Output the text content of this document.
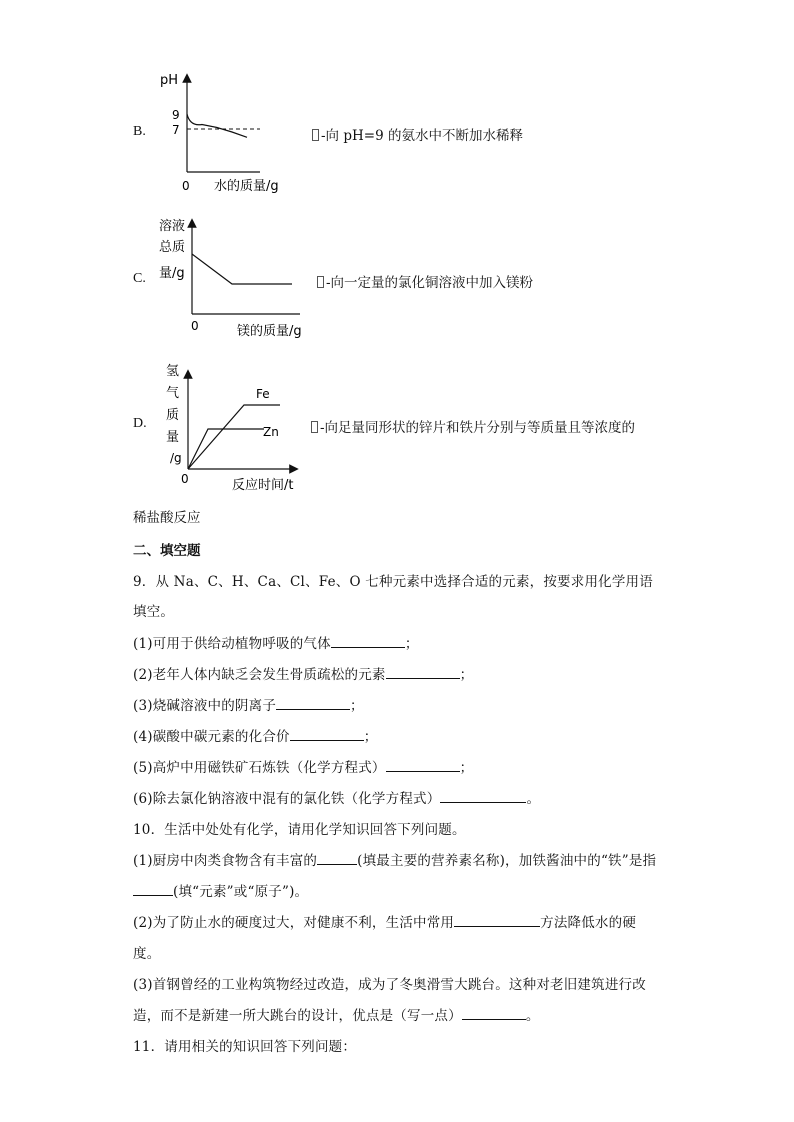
B.
pH
9
7
0 水的质量/g
-向 pH=9 的氨水中不断加水稀释
C.
溶液
总质
量/g
0	镁的质量/g
-向一定量的氯化铜溶液中加入镁粉
D.
氢
气
质
量
/g
0
Fe
Zn
反应时间/t
-向足量同形状的锌片和铁片分别与等质量且等浓度的
稀盐酸反应
二、填空题
9．从 Na、C、H、Ca、Cl、Fe、O 七种元素中选择合适的元素，按要求用化学用语
填空。
(1)可用于供给动植物呼吸的气体	；
(2)老年人体内缺乏会发生骨质疏松的元素	；
(3)烧碱溶液中的阴离子	；
(4)碳酸中碳元素的化合价	；
(5)高炉中用磁铁矿石炼铁（化学方程式）	；
(6)除去氯化钠溶液中混有的氯化铁（化学方程式）	。
10．生活中处处有化学，请用化学知识回答下列问题。
(1)厨房中肉类食物含有丰富的	(填最主要的营养素名称)，加铁酱油中的“铁”是指
(填“元素”或“原子”)。
(2)为了防止水的硬度过大，对健康不利，生活中常用	方法降低水的硬
度。
(3)首钢曾经的工业构筑物经过改造，成为了冬奥滑雪大跳台。这种对老旧建筑进行改
造，而不是新建一所大跳台的设计，优点是（写一点）	。
11．请用相关的知识回答下列问题：
